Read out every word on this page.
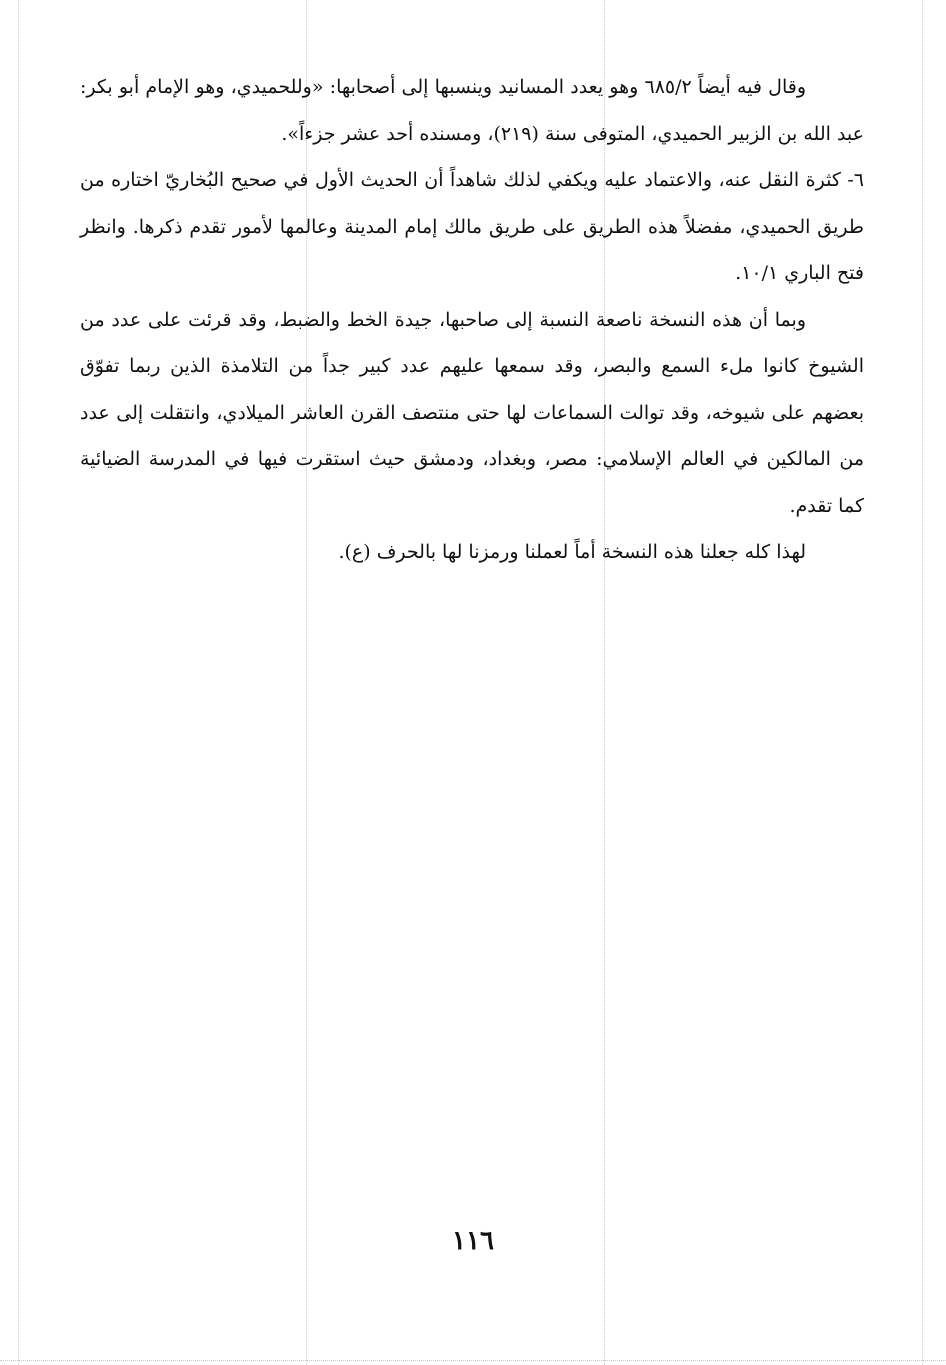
وقال فيه أيضاً ٦٨٥/٢ وهو يعدد المسانيد وينسبها إلى أصحابها: «وللحميدي، وهو الإمام أبو بكر: عبد الله بن الزبير الحميدي، المتوفى سنة (٢١٩)، ومسنده أحد عشر جزءاً».

٦- كثرة النقل عنه، والاعتماد عليه ويكفي لذلك شاهداً أن الحديث الأول في صحيح البُخاريّ اختاره من طريق الحميدي، مفضلاً هذه الطريق على طريق مالك إمام المدينة وعالمها لأمور تقدم ذكرها. وانظر فتح الباري ١٠/١.

وبما أن هذه النسخة ناصعة النسبة إلى صاحبها، جيدة الخط والضبط، وقد قرئت على عدد من الشيوخ كانوا ملء السمع والبصر، وقد سمعها عليهم عدد كبير جداً من التلامذة الذين ربما تفوّق بعضهم على شيوخه، وقد توالت السماعات لها حتى منتصف القرن العاشر الميلادي، وانتقلت إلى عدد من المالكين في العالم الإسلامي: مصر، وبغداد، ودمشق حيث استقرت فيها في المدرسة الضيائية كما تقدم.

لهذا كله جعلنا هذه النسخة أماً لعملنا ورمزنا لها بالحرف (ع).

١١٦
